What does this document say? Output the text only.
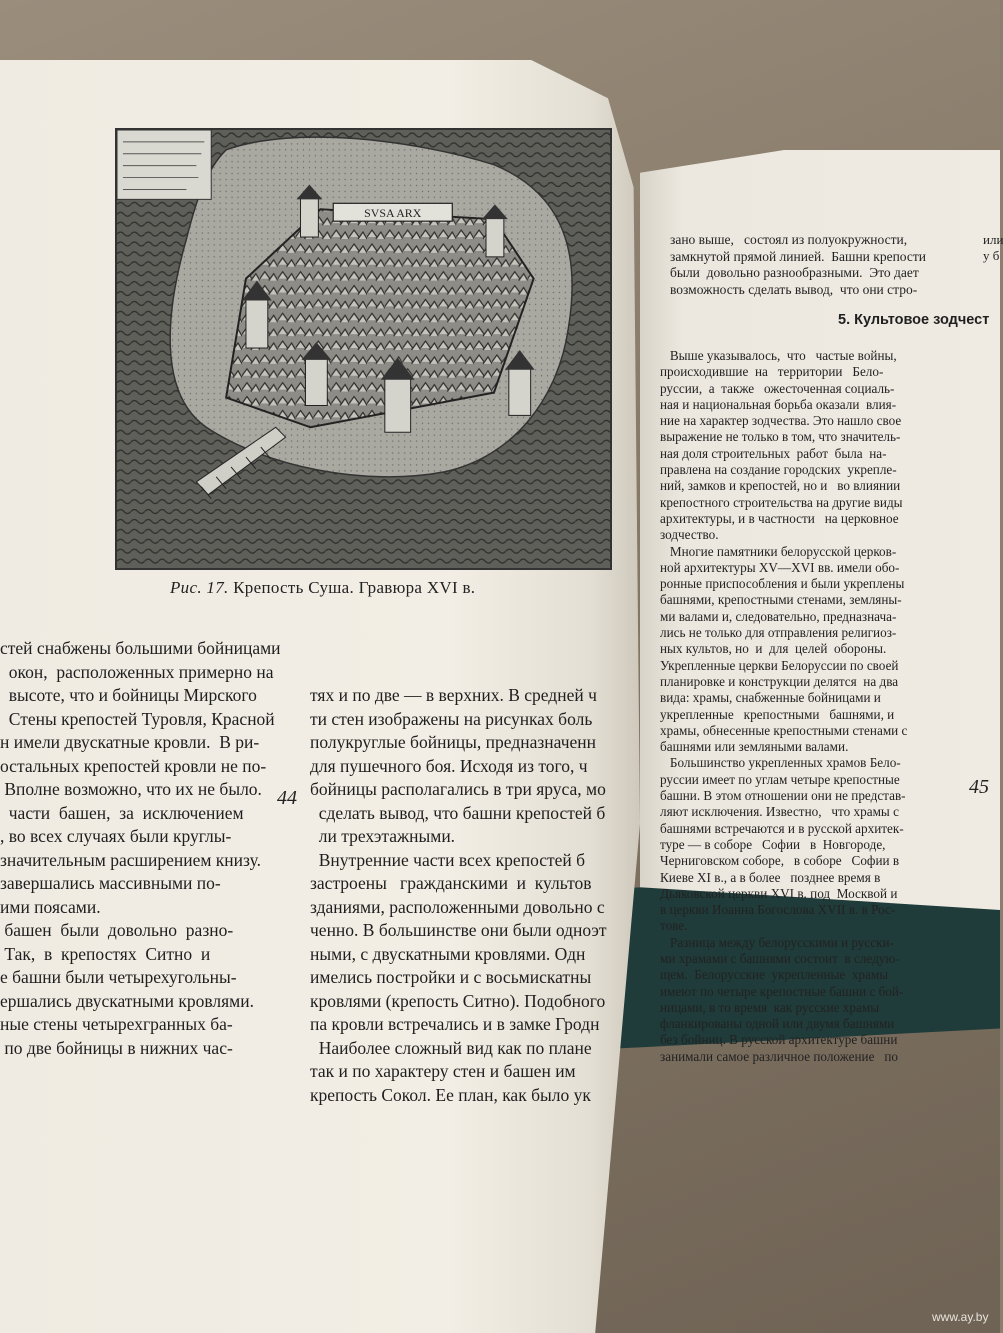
SVSA ARX
Рис. 17. Крепость Суша. Гравюра XVI в.
стей снабжены большими бойницами
окон,  расположенных примерно на
высоте, что и бойницы Мирского
Стены крепостей Туровля, Красной
н имели двускатные кровли.  В ри-
остальных крепостей кровли не по-
Вполне возможно, что их не было.
части  башен,  за  исключением
, во всех случаях были круглы-
значительным расширением книзу.
завершались массивными по-
ими поясами.
башен  были  довольно  разно-
Так,  в  крепостях  Ситно  и
е башни были четырехугольны-
ершались двускатными кровлями.
ные стены четырехгранных ба-
по две бойницы в нижних час-
тях и по две — в верхних. В средней ч
ти стен изображены на рисунках боль
полукруглые бойницы, предназначенн
для пушечного боя. Исходя из того, ч
бойницы располагались в три яруса, мо
сделать вывод, что башни крепостей б
ли трехэтажными.
Внутренние части всех крепостей б
застроены   гражданскими  и  культов
зданиями, расположенными довольно с
ченно. В большинстве они были одноэт
ными, с двускатными кровлями. Одн
имелись постройки и с восьмискатны
кровлями (крепость Ситно). Подобного
па кровли встречались и в замке Гродн
Наиболее сложный вид как по плане
так и по характеру стен и башен им
крепость Сокол. Ее план, как было ук
44
зано выше,   состоял из полуокружности,
замкнутой прямой линией.  Башни крепости
были  довольно разнообразными.  Это дает
возможность сделать вывод,  что они стро-
или
у б
5. Культовое зодчест
Выше указывалось,  что   частые войны,
происходившие  на   территории   Бело-
руссии,  а  также   ожесточенная социаль-
ная и национальная борьба оказали  влия-
ние на характер зодчества. Это нашло свое
выражение не только в том, что значитель-
ная доля строительных  работ  была  на-
правлена на создание городских  укрепле-
ний, замков и крепостей, но и   во влиянии
крепостного строительства на другие виды
архитектуры, и в частности   на церковное
зодчество.
Многие памятники белорусской церков-
ной архитектуры XV—XVI вв. имели обо-
ронные приспособления и были укреплены
башнями, крепостными стенами, земляны-
ми валами и, следовательно, предназнача-
лись не только для отправления религиоз-
ных культов, но  и  для  целей  обороны.
Укрепленные церкви Белоруссии по своей
планировке и конструкции делятся  на два
вида: храмы, снабженные бойницами и
укрепленные   крепостными   башнями, и
храмы, обнесенные крепостными стенами с
башнями или земляными валами.
Большинство укрепленных храмов Бело-
руссии имеет по углам четыре крепостные
башни. В этом отношении они не представ-
ляют исключения. Известно,   что храмы с
башнями встречаются и в русской архитек-
туре — в соборе   Софии   в  Новгороде,
Черниговском соборе,   в соборе   Софии в
Киеве XI в., а в более   позднее время в
Дьяковской церкви XVI в. под  Москвой и
в церкви Иоанна Богослова XVII в. в Рос-
тове.
Разница между белорусскими и русски-
ми храмами с башнями состоит  в следую-
щем.  Белорусские  укрепленные  храмы
имеют по четыре крепостные башни с бой-
ницами, в то время  как русские храмы
фланкированы одной или двумя башнями
без бойниц. В русской архитектуре башни
занимали самое различное положение   по
45
www.ay.by
